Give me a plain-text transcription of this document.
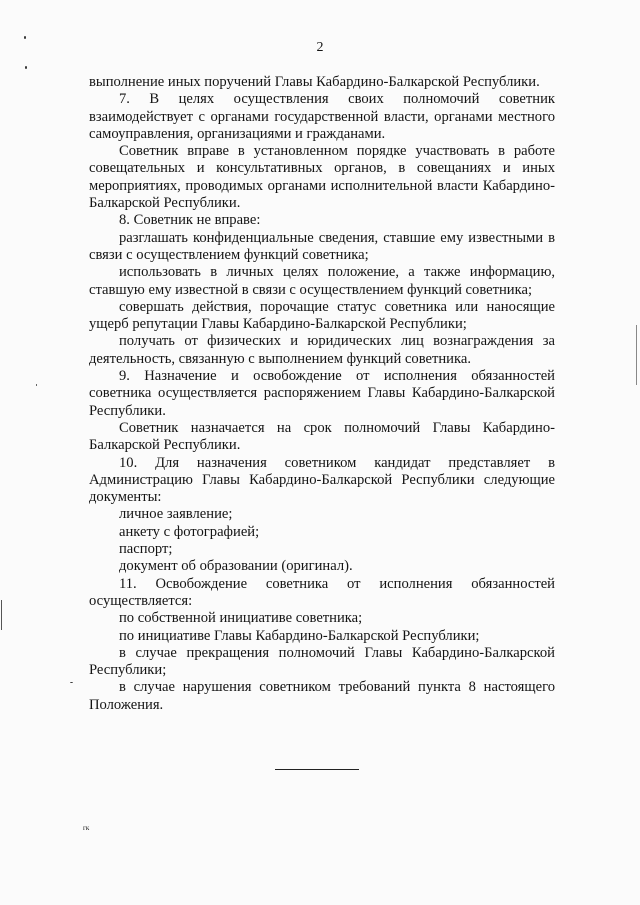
2

выполнение иных поручений Главы Кабардино-Балкарской Республики.

7. В целях осуществления своих полномочий советник взаимодействует с органами государственной власти, органами местного самоуправления, организациями и гражданами.

Советник вправе в установленном порядке участвовать в работе совещательных и консультативных органов, в совещаниях и иных мероприятиях, проводимых органами исполнительной власти Кабардино-Балкарской Республики.

8. Советник не вправе:

разглашать конфиденциальные сведения, ставшие ему известными в связи с осуществлением функций советника;

использовать в личных целях положение, а также информацию, ставшую ему известной в связи с осуществлением функций советника;

совершать действия, порочащие статус советника или наносящие ущерб репутации Главы Кабардино-Балкарской Республики;

получать от физических и юридических лиц вознаграждения за деятельность, связанную с выполнением функций советника.

9. Назначение и освобождение от исполнения обязанностей советника осуществляется распоряжением Главы Кабардино-Балкарской Республики.

Советник назначается на срок полномочий Главы Кабардино-Балкарской Республики.

10. Для назначения советником кандидат представляет в Администрацию Главы Кабардино-Балкарской Республики следующие документы:

личное заявление;

анкету с фотографией;

паспорт;

документ об образовании (оригинал).

11. Освобождение советника от исполнения обязанностей осуществляется:

по собственной инициативе советника;

по инициативе Главы Кабардино-Балкарской Республики;

в случае прекращения полномочий Главы Кабардино-Балкарской Республики;

в случае нарушения советником требований пункта 8 настоящего Положения.

гк
